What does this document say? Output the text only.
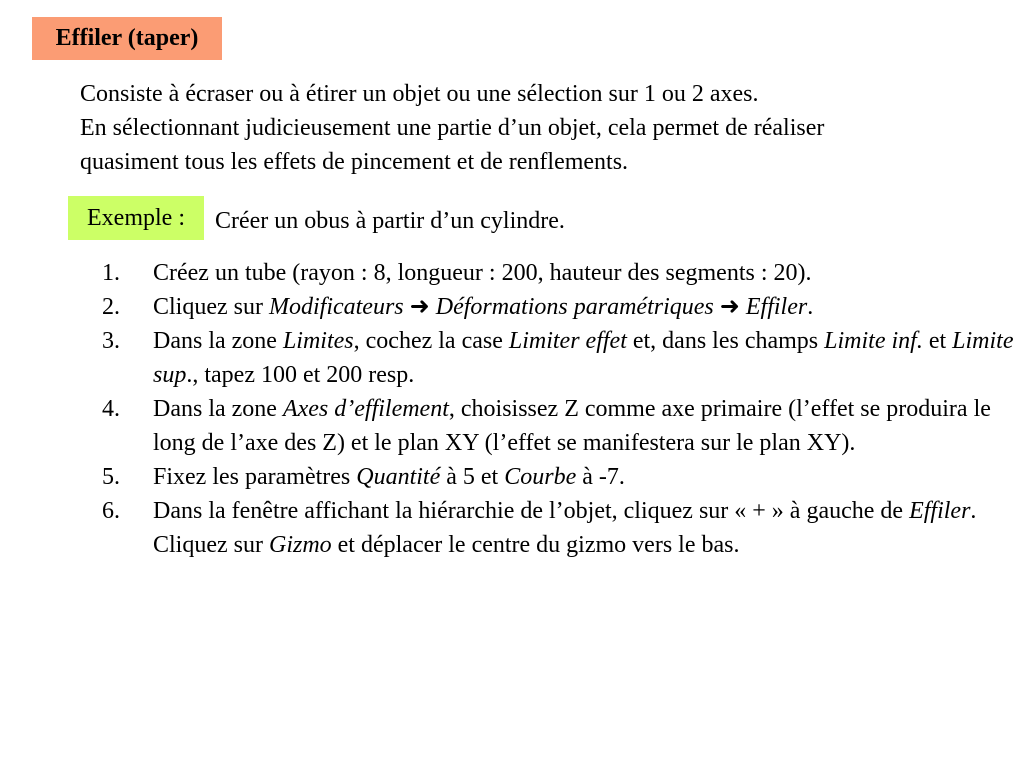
Effiler (taper)

Consiste à écraser ou à étirer un objet ou une sélection sur 1 ou 2 axes.

En sélectionnant judicieusement une partie d’un objet, cela permet de réaliser

quasiment tous les effets de pincement et de renflements.

Exemple : Créer un obus à partir d’un cylindre.
1. Créez un tube (rayon : 8, longueur : 200, hauteur des segments : 20).
2. Cliquez sur Modificateurs ➜ Déformations paramétriques ➜ Effiler.
3. Dans la zone Limites, cochez la case Limiter effet et, dans les champs Limite inf. et Limite sup., tapez 100 et 200 resp.
4. Dans la zone Axes d’effilement, choisissez Z comme axe primaire (l’effet se produira le long de l’axe des Z) et le plan XY (l’effet se manifestera sur le plan XY).
5. Fixez les paramètres Quantité à 5 et Courbe à -7.
6. Dans la fenêtre affichant la hiérarchie de l’objet, cliquez sur « + » à gauche de Effiler. Cliquez sur Gizmo et déplacer le centre du gizmo vers le bas.
